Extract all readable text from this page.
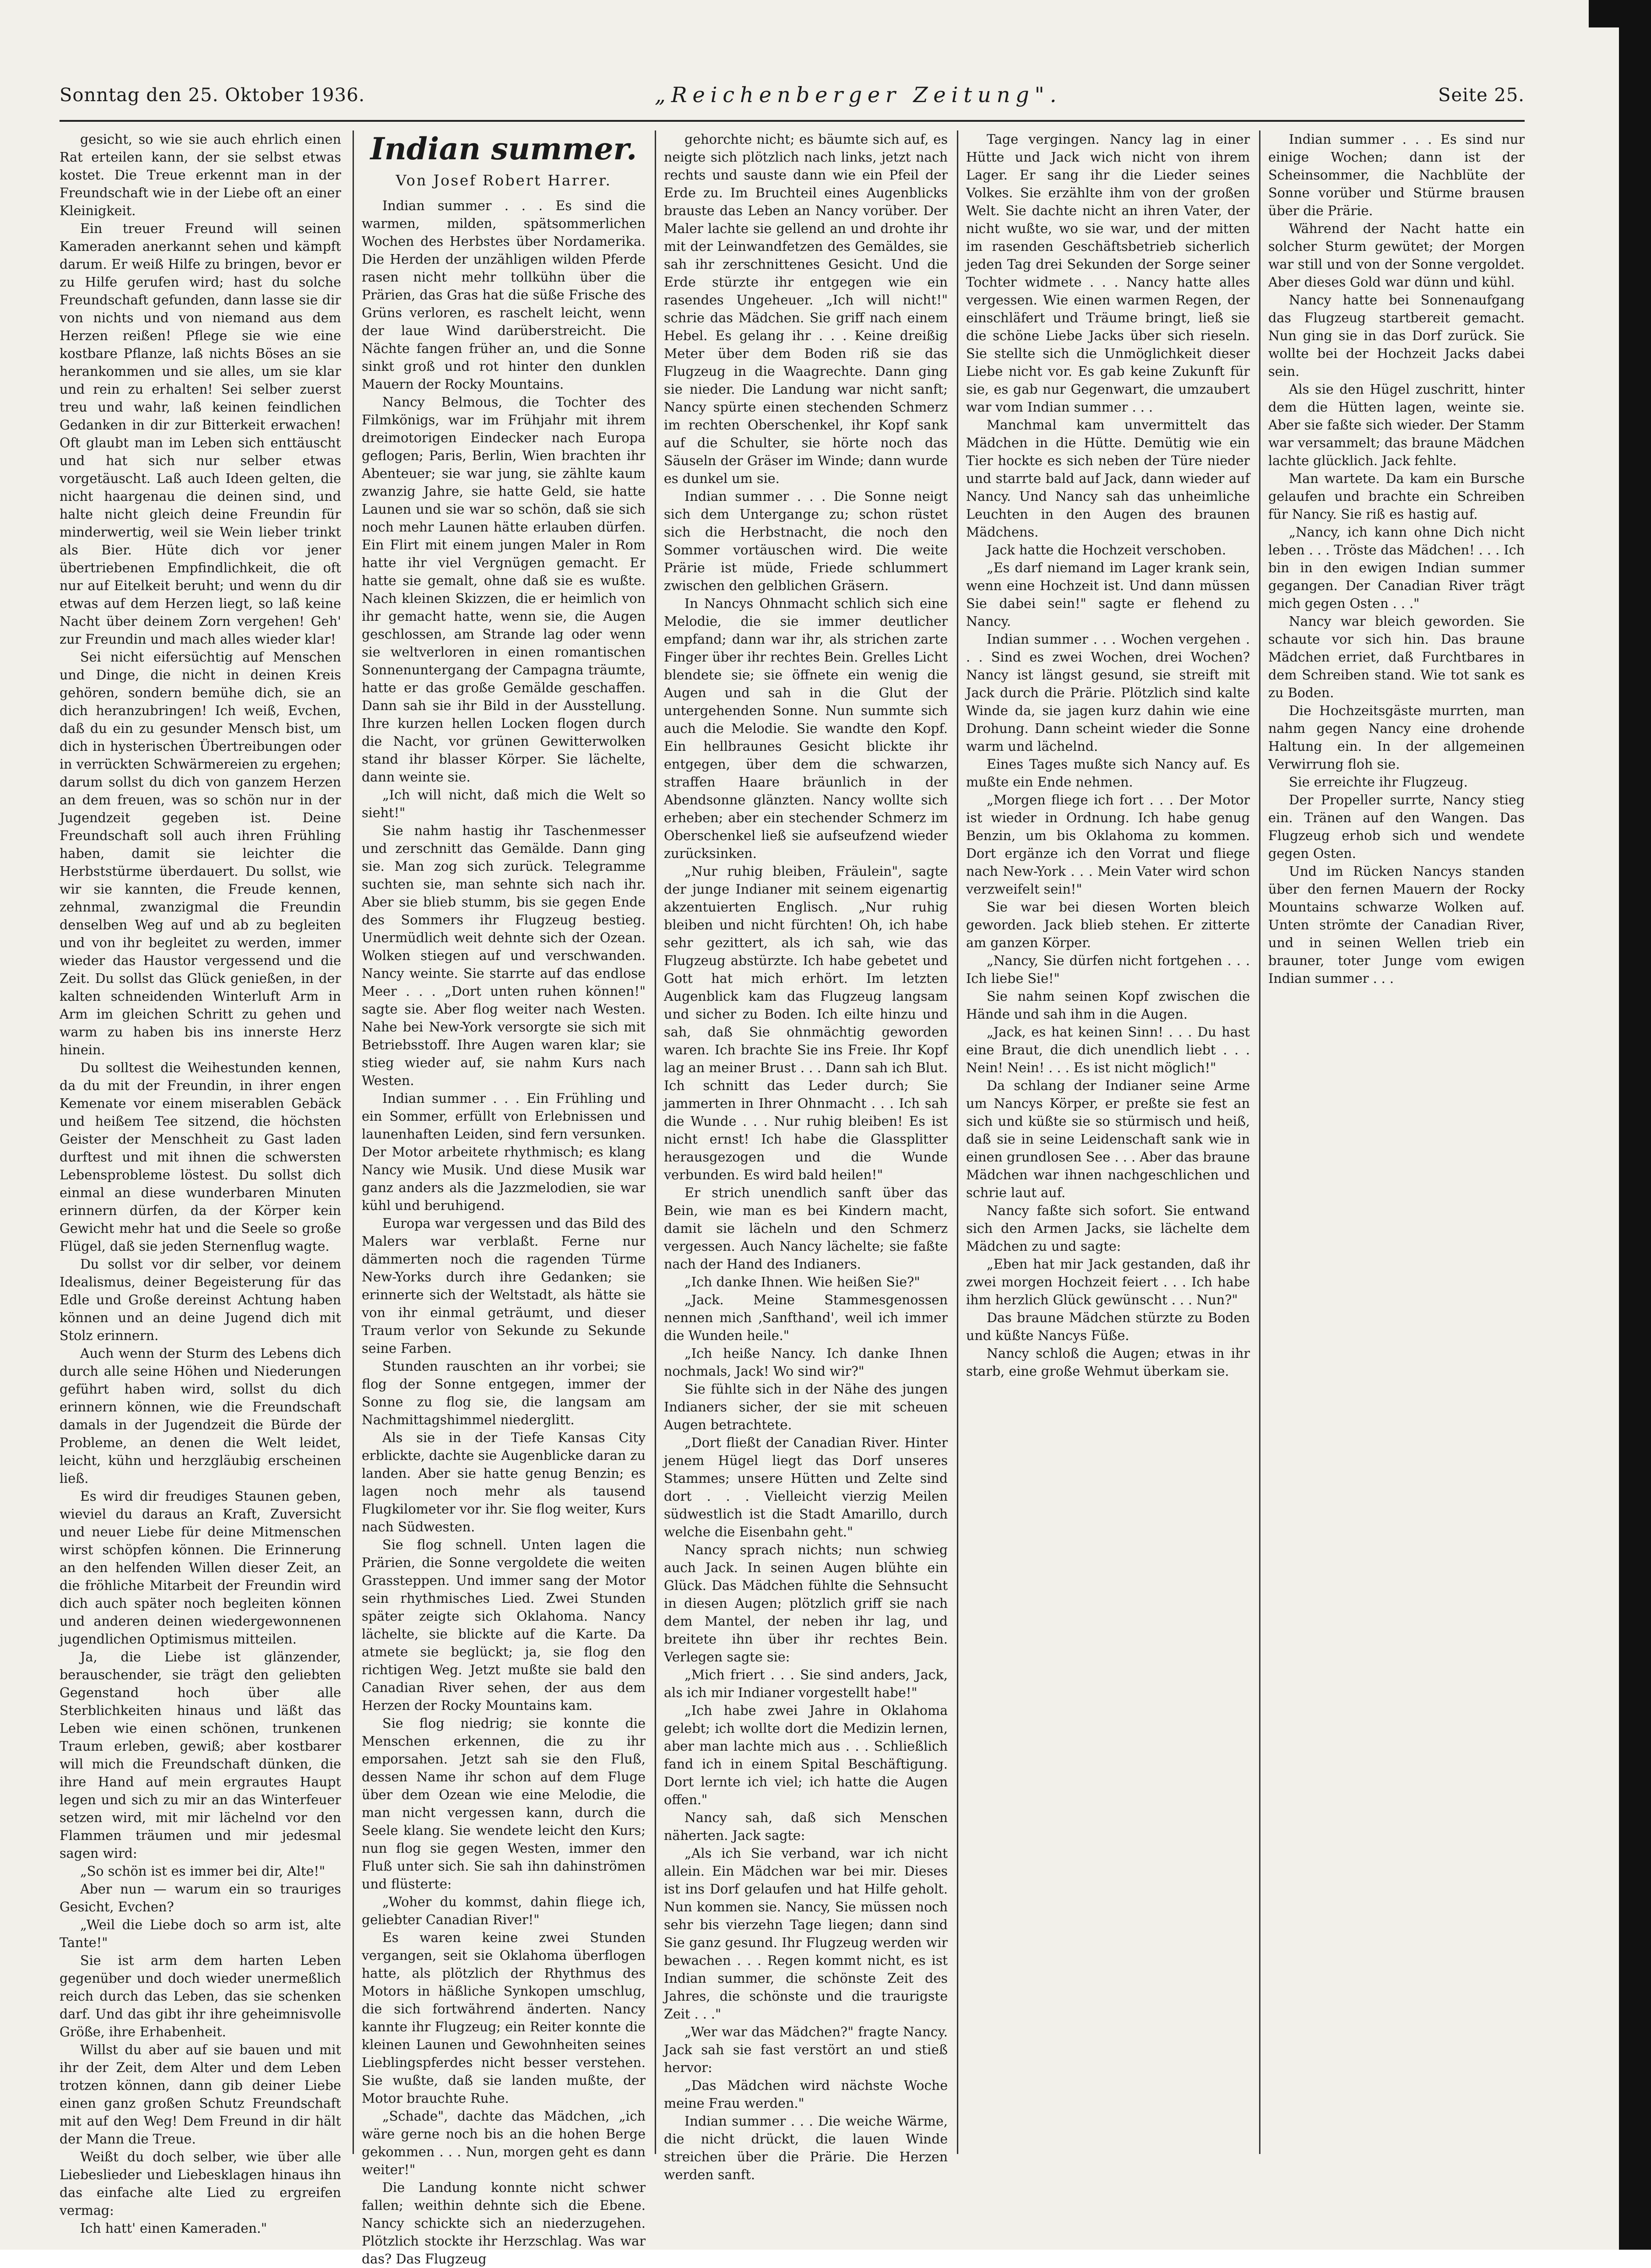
Sonntag den 25. Oktober 1936.	„Reichenberger Zeitung".	Seite 25.

gesicht, so wie sie auch ehrlich einen Rat erteilen kann, der sie selbst etwas kostet. Die Treue erkennt man in der Freundschaft wie in der Liebe oft an einer Kleinigkeit.

Ein treuer Freund will seinen Kameraden anerkannt sehen und kämpft darum. Er weiß Hilfe zu bringen, bevor er zu Hilfe gerufen wird; hast du solche Freundschaft gefunden, dann lasse sie dir von nichts und von niemand aus dem Herzen reißen! Pflege sie wie eine kostbare Pflanze, laß nichts Böses an sie herankommen und sie alles, um sie klar und rein zu erhalten! Sei selber zuerst treu und wahr, laß keinen feindlichen Gedanken in dir zur Bitterkeit erwachen! Oft glaubt man im Leben sich enttäuscht und hat sich nur selber etwas vorgetäuscht. Laß auch Ideen gelten, die nicht haargenau die deinen sind, und halte nicht gleich deine Freundin für minderwertig, weil sie Wein lieber trinkt als Bier. Hüte dich vor jener übertriebenen Empfindlichkeit, die oft nur auf Eitelkeit beruht; und wenn du dir etwas auf dem Herzen liegt, so laß keine Nacht über deinem Zorn vergehen! Geh' zur Freundin und mach alles wieder klar!

Sei nicht eifersüchtig auf Menschen und Dinge, die nicht in deinen Kreis gehören, sondern bemühe dich, sie an dich heranzubringen! Ich weiß, Evchen, daß du ein zu gesunder Mensch bist, um dich in hysterischen Übertreibungen oder in verrückten Schwärmereien zu ergehen; darum sollst du dich von ganzem Herzen an dem freuen, was so schön nur in der Jugendzeit gegeben ist. Deine Freundschaft soll auch ihren Frühling haben, damit sie leichter die Herbststürme überdauert. Du sollst, wie wir sie kannten, die Freude kennen, zehnmal, zwanzigmal die Freundin denselben Weg auf und ab zu begleiten und von ihr begleitet zu werden, immer wieder das Haustor vergessend und die Zeit. Du sollst das Glück genießen, in der kalten schneidenden Winterluft Arm in Arm im gleichen Schritt zu gehen und warm zu haben bis ins innerste Herz hinein.

Du solltest die Weihestunden kennen, da du mit der Freundin, in ihrer engen Kemenate vor einem miserablen Gebäck und heißem Tee sitzend, die höchsten Geister der Menschheit zu Gast laden durftest und mit ihnen die schwersten Lebensprobleme löstest. Du sollst dich einmal an diese wunderbaren Minuten erinnern dürfen, da der Körper kein Gewicht mehr hat und die Seele so große Flügel, daß sie jeden Sternenflug wagte.

Du sollst vor dir selber, vor deinem Idealismus, deiner Begeisterung für das Edle und Große dereinst Achtung haben können und an deine Jugend dich mit Stolz erinnern.

Auch wenn der Sturm des Lebens dich durch alle seine Höhen und Niederungen geführt haben wird, sollst du dich erinnern können, wie die Freundschaft damals in der Jugendzeit die Bürde der Probleme, an denen die Welt leidet, leicht, kühn und herzgläubig erscheinen ließ.

Es wird dir freudiges Staunen geben, wieviel du daraus an Kraft, Zuversicht und neuer Liebe für deine Mitmenschen wirst schöpfen können. Die Erinnerung an den helfenden Willen dieser Zeit, an die fröhliche Mitarbeit der Freundin wird dich auch später noch begleiten können und anderen deinen wiedergewonnenen jugendlichen Optimismus mitteilen.

Ja, die Liebe ist glänzender, berauschender, sie trägt den geliebten Gegenstand hoch über alle Sterblichkeiten hinaus und läßt das Leben wie einen schönen, trunkenen Traum erleben, gewiß; aber kostbarer will mich die Freundschaft dünken, die ihre Hand auf mein ergrautes Haupt legen und sich zu mir an das Winterfeuer setzen wird, mit mir lächelnd vor den Flammen träumen und mir jedesmal sagen wird:

„So schön ist es immer bei dir, Alte!"

Aber nun — warum ein so trauriges Gesicht, Evchen?

„Weil die Liebe doch so arm ist, alte Tante!"

Sie ist arm dem harten Leben gegenüber und doch wieder unermeßlich reich durch das Leben, das sie schenken darf. Und das gibt ihr ihre geheimnisvolle Größe, ihre Erhabenheit.

Willst du aber auf sie bauen und mit ihr der Zeit, dem Alter und dem Leben trotzen können, dann gib deiner Liebe einen ganz großen Schutz Freundschaft mit auf den Weg! Dem Freund in dir hält der Mann die Treue.

Weißt du doch selber, wie über alle Liebeslieder und Liebesklagen hinaus ihn das einfache alte Lied zu ergreifen vermag:

Ich hatt' einen Kameraden."

Indian summer.
Von Josef Robert Harrer.

Indian summer . . . Es sind die warmen, milden, spätsommerlichen Wochen des Herbstes über Nordamerika. Die Herden der unzähligen wilden Pferde rasen nicht mehr tollkühn über die Prärien, das Gras hat die süße Frische des Grüns verloren, es raschelt leicht, wenn der laue Wind darüberstreicht. Die Nächte fangen früher an, und die Sonne sinkt groß und rot hinter den dunklen Mauern der Rocky Mountains.

Nancy Belmous, die Tochter des Filmkönigs, war im Frühjahr mit ihrem dreimotorigen Eindecker nach Europa geflogen; Paris, Berlin, Wien brachten ihr Abenteuer; sie war jung, sie zählte kaum zwanzig Jahre, sie hatte Geld, sie hatte Launen und sie war so schön, daß sie sich noch mehr Launen hätte erlauben dürfen. Ein Flirt mit einem jungen Maler in Rom hatte ihr viel Vergnügen gemacht. Er hatte sie gemalt, ohne daß sie es wußte. Nach kleinen Skizzen, die er heimlich von ihr gemacht hatte, wenn sie, die Augen geschlossen, am Strande lag oder wenn sie weltverloren in einen romantischen Sonnenuntergang der Campagna träumte, hatte er das große Gemälde geschaffen. Dann sah sie ihr Bild in der Ausstellung. Ihre kurzen hellen Locken flogen durch die Nacht, vor grünen Gewitterwolken stand ihr blasser Körper. Sie lächelte, dann weinte sie.

„Ich will nicht, daß mich die Welt so sieht!"

Sie nahm hastig ihr Taschenmesser und zerschnitt das Gemälde. Dann ging sie. Man zog sich zurück. Telegramme suchten sie, man sehnte sich nach ihr. Aber sie blieb stumm, bis sie gegen Ende des Sommers ihr Flugzeug bestieg. Unermüdlich weit dehnte sich der Ozean. Wolken stiegen auf und verschwanden. Nancy weinte. Sie starrte auf das endlose Meer . . . „Dort unten ruhen können!" sagte sie. Aber flog weiter nach Westen. Nahe bei New-York versorgte sie sich mit Betriebsstoff. Ihre Augen waren klar; sie stieg wieder auf, sie nahm Kurs nach Westen.

Indian summer . . . Ein Frühling und ein Sommer, erfüllt von Erlebnissen und launenhaften Leiden, sind fern versunken. Der Motor arbeitete rhythmisch; es klang Nancy wie Musik. Und diese Musik war ganz anders als die Jazzmelodien, sie war kühl und beruhigend.

Europa war vergessen und das Bild des Malers war verblaßt. Ferne nur dämmerten noch die ragenden Türme New-Yorks durch ihre Gedanken; sie erinnerte sich der Weltstadt, als hätte sie von ihr einmal geträumt, und dieser Traum verlor von Sekunde zu Sekunde seine Farben.

Stunden rauschten an ihr vorbei; sie flog der Sonne entgegen, immer der Sonne zu flog sie, die langsam am Nachmittagshimmel niederglitt.

Als sie in der Tiefe Kansas City erblickte, dachte sie Augenblicke daran zu landen. Aber sie hatte genug Benzin; es lagen noch mehr als tausend Flugkilometer vor ihr. Sie flog weiter, Kurs nach Südwesten.

Sie flog schnell. Unten lagen die Prärien, die Sonne vergoldete die weiten Grassteppen. Und immer sang der Motor sein rhythmisches Lied. Zwei Stunden später zeigte sich Oklahoma. Nancy lächelte, sie blickte auf die Karte. Da atmete sie beglückt; ja, sie flog den richtigen Weg. Jetzt mußte sie bald den Canadian River sehen, der aus dem Herzen der Rocky Mountains kam.

Sie flog niedrig; sie konnte die Menschen erkennen, die zu ihr emporsahen. Jetzt sah sie den Fluß, dessen Name ihr schon auf dem Fluge über dem Ozean wie eine Melodie, die man nicht vergessen kann, durch die Seele klang. Sie wendete leicht den Kurs; nun flog sie gegen Westen, immer den Fluß unter sich. Sie sah ihn dahinströmen und flüsterte:

„Woher du kommst, dahin fliege ich, geliebter Canadian River!"

Es waren keine zwei Stunden vergangen, seit sie Oklahoma überflogen hatte, als plötzlich der Rhythmus des Motors in häßliche Synkopen umschlug, die sich fortwährend änderten. Nancy kannte ihr Flugzeug; ein Reiter konnte die kleinen Launen und Gewohnheiten seines Lieblingspferdes nicht besser verstehen. Sie wußte, daß sie landen mußte, der Motor brauchte Ruhe.

„Schade", dachte das Mädchen, „ich wäre gerne noch bis an die hohen Berge gekommen . . . Nun, morgen geht es dann weiter!"

Die Landung konnte nicht schwer fallen; weithin dehnte sich die Ebene. Nancy schickte sich an niederzugehen. Plötzlich stockte ihr Herzschlag. Was war das? Das Flugzeug

gehorchte nicht; es bäumte sich auf, es neigte sich plötzlich nach links, jetzt nach rechts und sauste dann wie ein Pfeil der Erde zu. Im Bruchteil eines Augenblicks brauste das Leben an Nancy vorüber. Der Maler lachte sie gellend an und drohte ihr mit der Leinwandfetzen des Gemäldes, sie sah ihr zerschnittenes Gesicht. Und die Erde stürzte ihr entgegen wie ein rasendes Ungeheuer. „Ich will nicht!" schrie das Mädchen. Sie griff nach einem Hebel. Es gelang ihr . . . Keine dreißig Meter über dem Boden riß sie das Flugzeug in die Waagrechte. Dann ging sie nieder. Die Landung war nicht sanft; Nancy spürte einen stechenden Schmerz im rechten Oberschenkel, ihr Kopf sank auf die Schulter, sie hörte noch das Säuseln der Gräser im Winde; dann wurde es dunkel um sie.

Indian summer . . . Die Sonne neigt sich dem Untergange zu; schon rüstet sich die Herbstnacht, die noch den Sommer vortäuschen wird. Die weite Prärie ist müde, Friede schlummert zwischen den gelblichen Gräsern.

In Nancys Ohnmacht schlich sich eine Melodie, die sie immer deutlicher empfand; dann war ihr, als strichen zarte Finger über ihr rechtes Bein. Grelles Licht blendete sie; sie öffnete ein wenig die Augen und sah in die Glut der untergehenden Sonne. Nun summte sich auch die Melodie. Sie wandte den Kopf. Ein hellbraunes Gesicht blickte ihr entgegen, über dem die schwarzen, straffen Haare bräunlich in der Abendsonne glänzten. Nancy wollte sich erheben; aber ein stechender Schmerz im Oberschenkel ließ sie aufseufzend wieder zurücksinken.

„Nur ruhig bleiben, Fräulein", sagte der junge Indianer mit seinem eigenartig akzentuierten Englisch. „Nur ruhig bleiben und nicht fürchten! Oh, ich habe sehr gezittert, als ich sah, wie das Flugzeug abstürzte. Ich habe gebetet und Gott hat mich erhört. Im letzten Augenblick kam das Flugzeug langsam und sicher zu Boden. Ich eilte hinzu und sah, daß Sie ohnmächtig geworden waren. Ich brachte Sie ins Freie. Ihr Kopf lag an meiner Brust . . . Dann sah ich Blut. Ich schnitt das Leder durch; Sie jammerten in Ihrer Ohnmacht . . . Ich sah die Wunde . . . Nur ruhig bleiben! Es ist nicht ernst! Ich habe die Glassplitter herausgezogen und die Wunde verbunden. Es wird bald heilen!"

Er strich unendlich sanft über das Bein, wie man es bei Kindern macht, damit sie lächeln und den Schmerz vergessen. Auch Nancy lächelte; sie faßte nach der Hand des Indianers.

„Ich danke Ihnen. Wie heißen Sie?"

„Jack. Meine Stammesgenossen nennen mich ‚Sanfthand', weil ich immer die Wunden heile."

„Ich heiße Nancy. Ich danke Ihnen nochmals, Jack! Wo sind wir?"

Sie fühlte sich in der Nähe des jungen Indianers sicher, der sie mit scheuen Augen betrachtete.

„Dort fließt der Canadian River. Hinter jenem Hügel liegt das Dorf unseres Stammes; unsere Hütten und Zelte sind dort . . . Vielleicht vierzig Meilen südwestlich ist die Stadt Amarillo, durch welche die Eisenbahn geht."

Nancy sprach nichts; nun schwieg auch Jack. In seinen Augen blühte ein Glück. Das Mädchen fühlte die Sehnsucht in diesen Augen; plötzlich griff sie nach dem Mantel, der neben ihr lag, und breitete ihn über ihr rechtes Bein. Verlegen sagte sie:

„Mich friert . . . Sie sind anders, Jack, als ich mir Indianer vorgestellt habe!"

„Ich habe zwei Jahre in Oklahoma gelebt; ich wollte dort die Medizin lernen, aber man lachte mich aus . . . Schließlich fand ich in einem Spital Beschäftigung. Dort lernte ich viel; ich hatte die Augen offen."

Nancy sah, daß sich Menschen näherten. Jack sagte:

„Als ich Sie verband, war ich nicht allein. Ein Mädchen war bei mir. Dieses ist ins Dorf gelaufen und hat Hilfe geholt. Nun kommen sie. Nancy, Sie müssen noch sehr bis vierzehn Tage liegen; dann sind Sie ganz gesund. Ihr Flugzeug werden wir bewachen . . . Regen kommt nicht, es ist Indian summer, die schönste Zeit des Jahres, die schönste und die traurigste Zeit . . ."

„Wer war das Mädchen?" fragte Nancy. Jack sah sie fast verstört an und stieß hervor:

„Das Mädchen wird nächste Woche meine Frau werden."

Indian summer . . . Die weiche Wärme, die nicht drückt, die lauen Winde streichen über die Prärie. Die Herzen werden sanft.

Tage vergingen. Nancy lag in einer Hütte und Jack wich nicht von ihrem Lager. Er sang ihr die Lieder seines Volkes. Sie erzählte ihm von der großen Welt. Sie dachte nicht an ihren Vater, der nicht wußte, wo sie war, und der mitten im rasenden Geschäftsbetrieb sicherlich jeden Tag drei Sekunden der Sorge seiner Tochter widmete . . . Nancy hatte alles vergessen. Wie einen warmen Regen, der einschläfert und Träume bringt, ließ sie die schöne Liebe Jacks über sich rieseln. Sie stellte sich die Unmöglichkeit dieser Liebe nicht vor. Es gab keine Zukunft für sie, es gab nur Gegenwart, die umzaubert war vom Indian summer . . .

Manchmal kam unvermittelt das Mädchen in die Hütte. Demütig wie ein Tier hockte es sich neben der Türe nieder und starrte bald auf Jack, dann wieder auf Nancy. Und Nancy sah das unheimliche Leuchten in den Augen des braunen Mädchens.

Jack hatte die Hochzeit verschoben.

„Es darf niemand im Lager krank sein, wenn eine Hochzeit ist. Und dann müssen Sie dabei sein!" sagte er flehend zu Nancy.

Indian summer . . . Wochen vergehen . . . Sind es zwei Wochen, drei Wochen? Nancy ist längst gesund, sie streift mit Jack durch die Prärie. Plötzlich sind kalte Winde da, sie jagen kurz dahin wie eine Drohung. Dann scheint wieder die Sonne warm und lächelnd.

Eines Tages mußte sich Nancy auf. Es mußte ein Ende nehmen.

„Morgen fliege ich fort . . . Der Motor ist wieder in Ordnung. Ich habe genug Benzin, um bis Oklahoma zu kommen. Dort ergänze ich den Vorrat und fliege nach New-York . . . Mein Vater wird schon verzweifelt sein!"

Sie war bei diesen Worten bleich geworden. Jack blieb stehen. Er zitterte am ganzen Körper.

„Nancy, Sie dürfen nicht fortgehen . . . Ich liebe Sie!"

Sie nahm seinen Kopf zwischen die Hände und sah ihm in die Augen.

„Jack, es hat keinen Sinn! . . . Du hast eine Braut, die dich unendlich liebt . . . Nein! Nein! . . . Es ist nicht möglich!"

Da schlang der Indianer seine Arme um Nancys Körper, er preßte sie fest an sich und küßte sie so stürmisch und heiß, daß sie in seine Leidenschaft sank wie in einen grundlosen See . . . Aber das braune Mädchen war ihnen nachgeschlichen und schrie laut auf.

Nancy faßte sich sofort. Sie entwand sich den Armen Jacks, sie lächelte dem Mädchen zu und sagte:

„Eben hat mir Jack gestanden, daß ihr zwei morgen Hochzeit feiert . . . Ich habe ihm herzlich Glück gewünscht . . . Nun?"

Das braune Mädchen stürzte zu Boden und küßte Nancys Füße.

Nancy schloß die Augen; etwas in ihr starb, eine große Wehmut überkam sie.

Indian summer . . . Es sind nur einige Wochen; dann ist der Scheinsommer, die Nachblüte der Sonne vorüber und Stürme brausen über die Prärie.

Während der Nacht hatte ein solcher Sturm gewütet; der Morgen war still und von der Sonne vergoldet. Aber dieses Gold war dünn und kühl.

Nancy hatte bei Sonnenaufgang das Flugzeug startbereit gemacht. Nun ging sie in das Dorf zurück. Sie wollte bei der Hochzeit Jacks dabei sein.

Als sie den Hügel zuschritt, hinter dem die Hütten lagen, weinte sie. Aber sie faßte sich wieder. Der Stamm war versammelt; das braune Mädchen lachte glücklich. Jack fehlte.

Man wartete. Da kam ein Bursche gelaufen und brachte ein Schreiben für Nancy. Sie riß es hastig auf.

„Nancy, ich kann ohne Dich nicht leben . . . Tröste das Mädchen! . . . Ich bin in den ewigen Indian summer gegangen. Der Canadian River trägt mich gegen Osten . . ."

Nancy war bleich geworden. Sie schaute vor sich hin. Das braune Mädchen erriet, daß Furchtbares in dem Schreiben stand. Wie tot sank es zu Boden.

Die Hochzeitsgäste murrten, man nahm gegen Nancy eine drohende Haltung ein. In der allgemeinen Verwirrung floh sie.

Sie erreichte ihr Flugzeug.

Der Propeller surrte, Nancy stieg ein. Tränen auf den Wangen. Das Flugzeug erhob sich und wendete gegen Osten.

Und im Rücken Nancys standen über den fernen Mauern der Rocky Mountains schwarze Wolken auf. Unten strömte der Canadian River, und in seinen Wellen trieb ein brauner, toter Junge vom ewigen Indian summer . . .
